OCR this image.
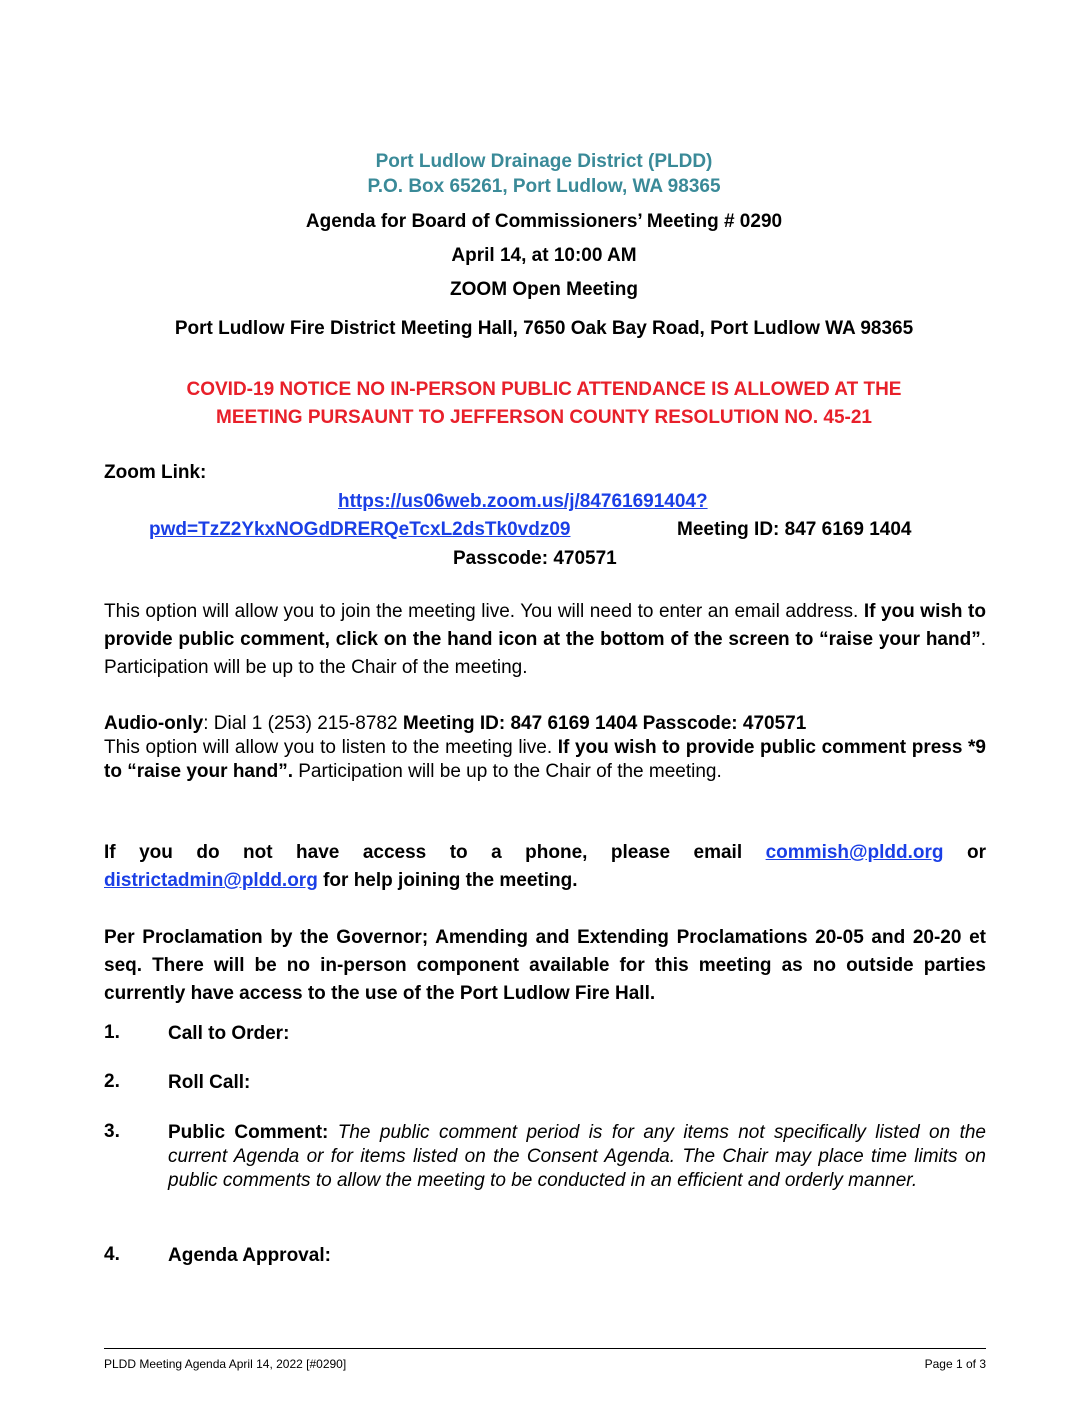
Port Ludlow Drainage District (PLDD)
P.O. Box 65261, Port Ludlow, WA 98365
Agenda for Board of Commissioners’ Meeting # 0290
April 14, at 10:00 AM
ZOOM Open Meeting
Port Ludlow Fire District Meeting Hall, 7650 Oak Bay Road, Port Ludlow WA 98365
COVID-19 NOTICE NO IN-PERSON PUBLIC ATTENDANCE IS ALLOWED AT THE
MEETING PURSAUNT TO JEFFERSON COUNTY RESOLUTION NO. 45-21
Zoom Link:
https://us06web.zoom.us/j/84761691404?
pwd=TzZ2YkxNOGdDRERQeTcxL2dsTk0vdz09	Meeting ID: 847 6169 1404
Passcode: 470571
This option will allow you to join the meeting live. You will need to enter an email address. If you wish to provide public comment, click on the hand icon at the bottom of the screen to “raise your hand”. Participation will be up to the Chair of the meeting.
Audio-only: Dial 1 (253) 215-8782 Meeting ID: 847 6169 1404 Passcode: 470571
This option will allow you to listen to the meeting live. If you wish to provide public comment press *9 to “raise your hand”. Participation will be up to the Chair of the meeting.
If you do not have access to a phone, please email commish@pldd.org or districtadmin@pldd.org for help joining the meeting.
Per Proclamation by the Governor; Amending and Extending Proclamations 20-05 and 20-20 et seq. There will be no in-person component available for this meeting as no outside parties currently have access to the use of the Port Ludlow Fire Hall.
1.	Call to Order:
2.	Roll Call:
3.	Public Comment: The public comment period is for any items not specifically listed on the current Agenda or for items listed on the Consent Agenda. The Chair may place time limits on public comments to allow the meeting to be conducted in an efficient and orderly manner.
4.	Agenda Approval:
PLDD Meeting Agenda April 14, 2022 [#0290]	Page 1 of 3
